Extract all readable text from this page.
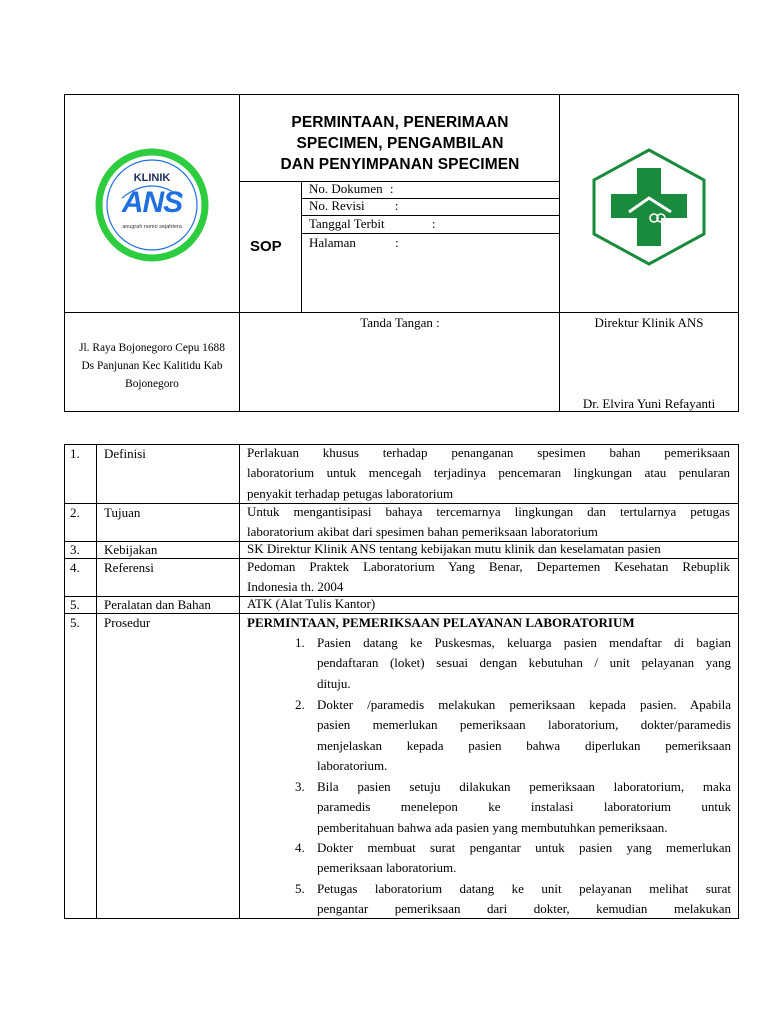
KLINIK
ANS
anugrah nomo sejahtera
PERMINTAAN, PENERIMAAN
SPECIMEN, PENGAMBILAN
DAN PENYIMPANAN SPECIMEN
SOP
No. Dokumen :
No. Revisi :
Tanggal Terbit	:
Halaman	:
Jl. Raya Bojonegoro Cepu 1688
Ds Panjunan Kec Kalitidu Kab
Bojonegoro
Tanda Tangan :	Direktur Klinik ANS
Dr. Elvira Yuni Refayanti
1. Definisi	Perlakuan khusus terhadap penanganan spesimen bahan pemeriksaan
laboratorium untuk mencegah terjadinya pencemaran lingkungan atau penularan
penyakit terhadap petugas laboratorium
2. Tujuan	Untuk mengantisipasi bahaya tercemarnya lingkungan dan tertularnya petugas
laboratorium akibat dari spesimen bahan pemeriksaan laboratorium
3. Kebijakan	SK Direktur Klinik ANS tentang kebijakan mutu klinik dan keselamatan pasien
4. Referensi	Pedoman Praktek Laboratorium Yang Benar, Departemen Kesehatan Rebuplik
Indonesia th. 2004
5. Peralatan dan Bahan	ATK (Alat Tulis Kantor)
5. Prosedur	PERMINTAAN, PEMERIKSAAN PELAYANAN LABORATORIUM
1. Pasien datang ke Puskesmas, keluarga pasien mendaftar di bagian
pendaftaran (loket) sesuai dengan kebutuhan / unit pelayanan yang
dituju.
2. Dokter /paramedis melakukan pemeriksaan kepada pasien. Apabila
pasien memerlukan pemeriksaan laboratorium, dokter/paramedis
menjelaskan kepada pasien bahwa diperlukan pemeriksaan
laboratorium.
3. Bila pasien setuju dilakukan pemeriksaan laboratorium, maka
paramedis menelepon ke instalasi laboratorium untuk
pemberitahuan bahwa ada pasien yang membutuhkan pemeriksaan.
4. Dokter membuat surat pengantar untuk pasien yang memerlukan
pemeriksaan laboratorium.
5. Petugas laboratorium datang ke unit pelayanan melihat surat
pengantar pemeriksaan dari dokter, kemudian melakukan
